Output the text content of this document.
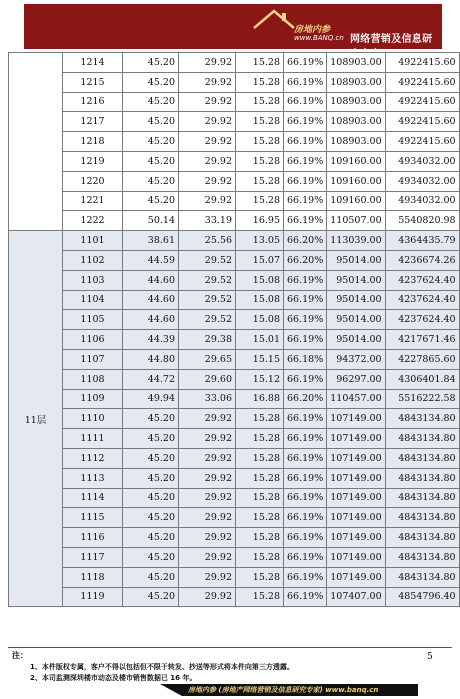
房地内参
www.BANQ.cn 网络营销及信息研究专家
	1214	45.20	29.92	15.28	66.19%	108903.00	4922415.60
	1215	45.20	29.92	15.28	66.19%	108903.00	4922415.60
	1216	45.20	29.92	15.28	66.19%	108903.00	4922415.60
	1217	45.20	29.92	15.28	66.19%	108903.00	4922415.60
	1218	45.20	29.92	15.28	66.19%	108903.00	4922415.60
	1219	45.20	29.92	15.28	66.19%	109160.00	4934032.00
	1220	45.20	29.92	15.28	66.19%	109160.00	4934032.00
	1221	45.20	29.92	15.28	66.19%	109160.00	4934032.00
	1222	50.14	33.19	16.95	66.19%	110507.00	5540820.98
11层	1101	38.61	25.56	13.05	66.20%	113039.00	4364435.79
	1102	44.59	29.52	15.07	66.20%	95014.00	4236674.26
	1103	44.60	29.52	15.08	66.19%	95014.00	4237624.40
	1104	44.60	29.52	15.08	66.19%	95014.00	4237624.40
	1105	44.60	29.52	15.08	66.19%	95014.00	4237624.40
	1106	44.39	29.38	15.01	66.19%	95014.00	4217671.46
	1107	44.80	29.65	15.15	66.18%	94372.00	4227865.60
	1108	44.72	29.60	15.12	66.19%	96297.00	4306401.84
	1109	49.94	33.06	16.88	66.20%	110457.00	5516222.58
	1110	45.20	29.92	15.28	66.19%	107149.00	4843134.80
	1111	45.20	29.92	15.28	66.19%	107149.00	4843134.80
	1112	45.20	29.92	15.28	66.19%	107149.00	4843134.80
	1113	45.20	29.92	15.28	66.19%	107149.00	4843134.80
	1114	45.20	29.92	15.28	66.19%	107149.00	4843134.80
	1115	45.20	29.92	15.28	66.19%	107149.00	4843134.80
	1116	45.20	29.92	15.28	66.19%	107149.00	4843134.80
	1117	45.20	29.92	15.28	66.19%	107149.00	4843134.80
	1118	45.20	29.92	15.28	66.19%	107149.00	4843134.80
	1119	45.20	29.92	15.28	66.19%	107407.00	4854796.40
注：
1、本件版权专属，客户不得以包括但不限于转发、抄送等形式将本件向第三方透露。
2、本司监测深圳楼市动态及楼市销售数据已 16 年。
5
房地内参 (房地产网络营销及信息研究专家) www.banq.cn
